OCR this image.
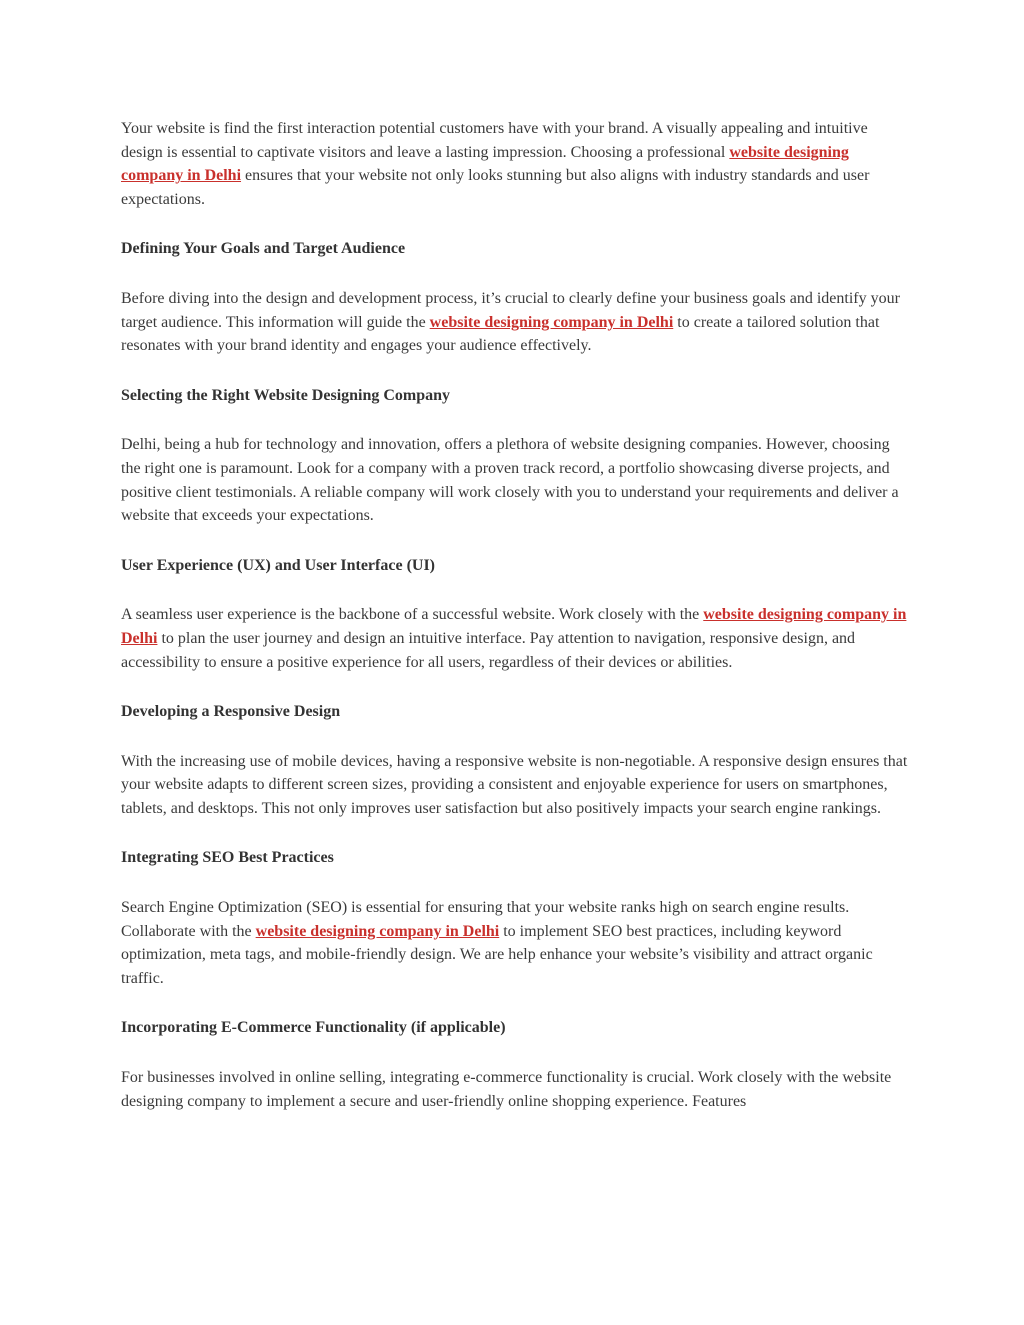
Your website is find the first interaction potential customers have with your brand. A visually appealing and intuitive design is essential to captivate visitors and leave a lasting impression. Choosing a professional website designing company in Delhi ensures that your website not only looks stunning but also aligns with industry standards and user expectations.

Defining Your Goals and Target Audience

Before diving into the design and development process, it’s crucial to clearly define your business goals and identify your target audience. This information will guide the website designing company in Delhi to create a tailored solution that resonates with your brand identity and engages your audience effectively.

Selecting the Right Website Designing Company

Delhi, being a hub for technology and innovation, offers a plethora of website designing companies. However, choosing the right one is paramount. Look for a company with a proven track record, a portfolio showcasing diverse projects, and positive client testimonials. A reliable company will work closely with you to understand your requirements and deliver a website that exceeds your expectations.

User Experience (UX) and User Interface (UI)

A seamless user experience is the backbone of a successful website. Work closely with the website designing company in Delhi to plan the user journey and design an intuitive interface. Pay attention to navigation, responsive design, and accessibility to ensure a positive experience for all users, regardless of their devices or abilities.

Developing a Responsive Design

With the increasing use of mobile devices, having a responsive website is non-negotiable. A responsive design ensures that your website adapts to different screen sizes, providing a consistent and enjoyable experience for users on smartphones, tablets, and desktops. This not only improves user satisfaction but also positively impacts your search engine rankings.

Integrating SEO Best Practices

Search Engine Optimization (SEO) is essential for ensuring that your website ranks high on search engine results. Collaborate with the website designing company in Delhi to implement SEO best practices, including keyword optimization, meta tags, and mobile-friendly design. We are help enhance your website’s visibility and attract organic traffic.

Incorporating E-Commerce Functionality (if applicable)

For businesses involved in online selling, integrating e-commerce functionality is crucial. Work closely with the website designing company to implement a secure and user-friendly online shopping experience. Features
